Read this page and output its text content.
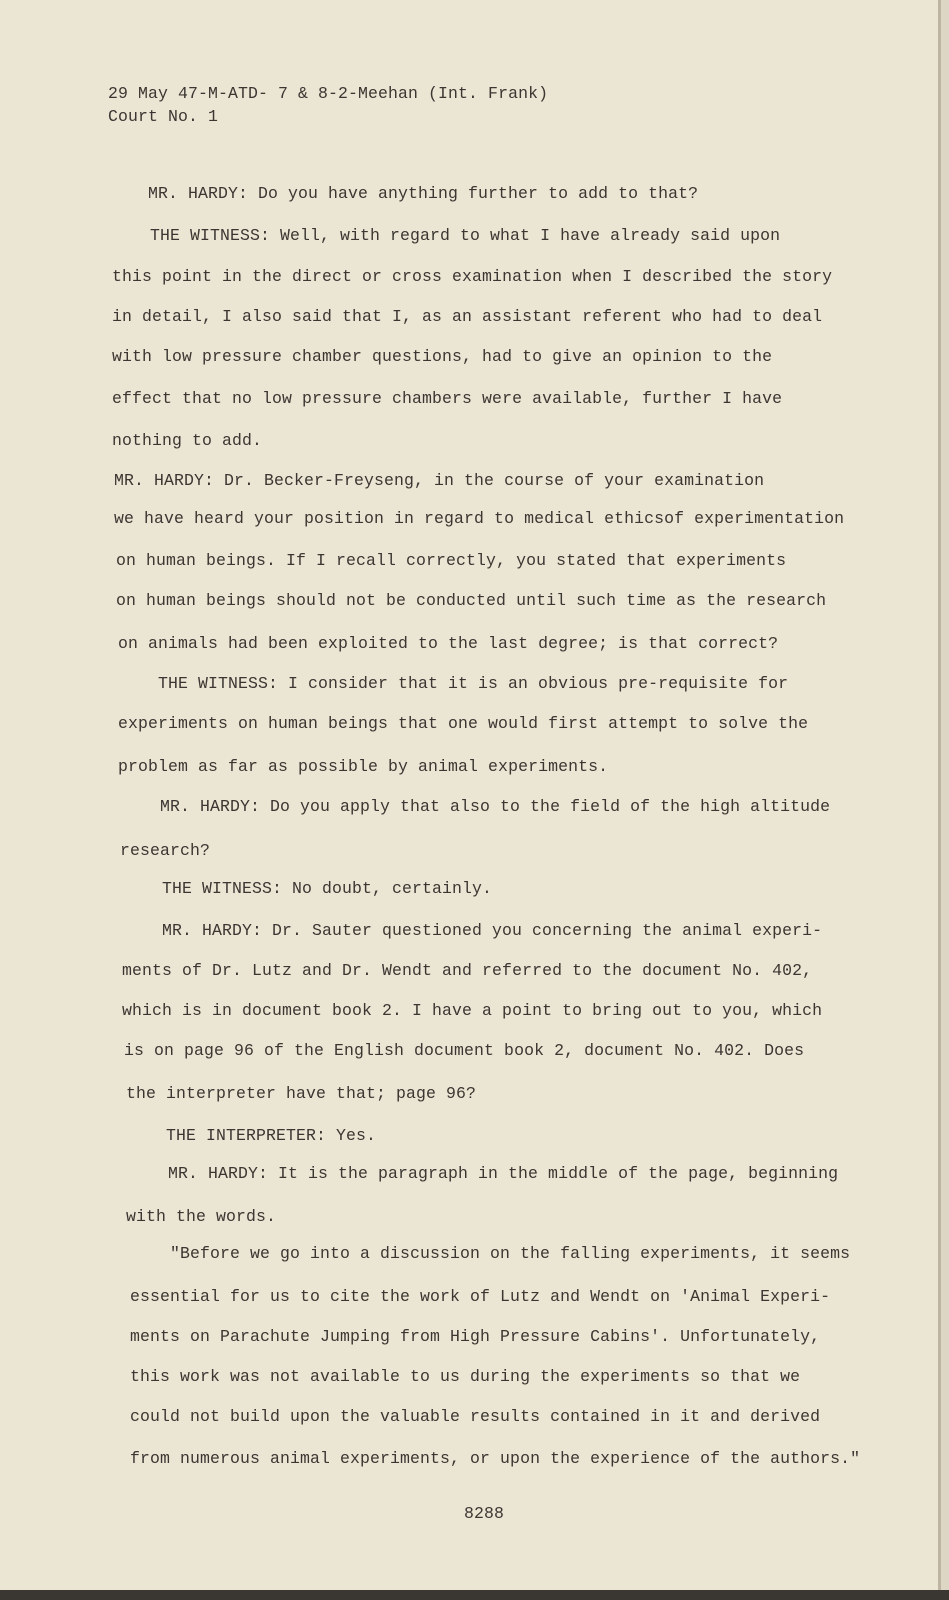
29 May 47-M-ATD- 7 & 8-2-Meehan (Int. Frank)
Court No. 1
MR. HARDY: Do you have anything further to add to that?
THE WITNESS: Well, with regard to what I have already said upon
this point in the direct or cross examination when I described the story
in detail, I also said that I, as an assistant referent who had to deal
with low pressure chamber questions, had to give an opinion to the
effect that no low pressure chambers were available, further I have
nothing to add.
MR. HARDY: Dr. Becker-Freyseng, in the course of your examination
we have heard your position in regard to medical ethicsof experimentation
on human beings. If I recall correctly, you stated that experiments
on human beings should not be conducted until such time as the research
on animals had been exploited to the last degree; is that correct?
THE WITNESS: I consider that it is an obvious pre-requisite for
experiments on human beings that one would first attempt to solve the
problem as far as possible by animal experiments.
MR. HARDY: Do you apply that also to the field of the high altitude
research?
THE WITNESS: No doubt, certainly.
MR. HARDY: Dr. Sauter questioned you concerning the animal experi-
ments of Dr. Lutz and Dr. Wendt and referred to the document No. 402,
which is in document book 2. I have a point to bring out to you, which
is on page 96 of the English document book 2, document No. 402. Does
the interpreter have that; page 96?
THE INTERPRETER: Yes.
MR. HARDY: It is the paragraph in the middle of the page, beginning
with the words.
"Before we go into a discussion on the falling experiments, it seems
essential for us to cite the work of Lutz and Wendt on 'Animal Experi-
ments on Parachute Jumping from High Pressure Cabins'. Unfortunately,
this work was not available to us during the experiments so that we
could not build upon the valuable results contained in it and derived
from numerous animal experiments, or upon the experience of the authors."
8288
